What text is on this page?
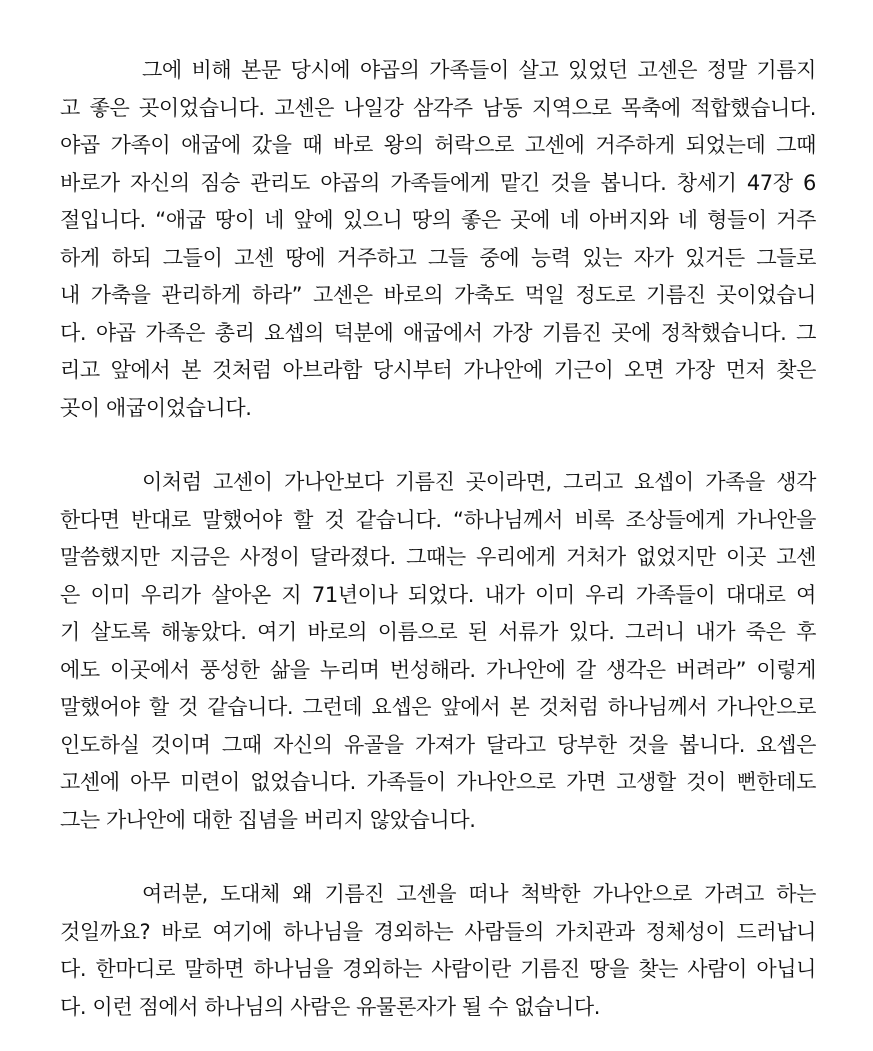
그에 비해 본문 당시에 야곱의 가족들이 살고 있었던 고센은 정말 기름지
고 좋은 곳이었습니다. 고센은 나일강 삼각주 남동 지역으로 목축에 적합했습니다.
야곱 가족이 애굽에 갔을 때 바로 왕의 허락으로 고센에 거주하게 되었는데 그때
바로가 자신의 짐승 관리도 야곱의 가족들에게 맡긴 것을 봅니다. 창세기 47장 6
절입니다. “애굽 땅이 네 앞에 있으니 땅의 좋은 곳에 네 아버지와 네 형들이 거주
하게 하되 그들이 고센 땅에 거주하고 그들 중에 능력 있는 자가 있거든 그들로
내 가축을 관리하게 하라” 고센은 바로의 가축도 먹일 정도로 기름진 곳이었습니
다. 야곱 가족은 총리 요셉의 덕분에 애굽에서 가장 기름진 곳에 정착했습니다. 그
리고 앞에서 본 것처럼 아브라함 당시부터 가나안에 기근이 오면 가장 먼저 찾은
곳이 애굽이었습니다.
이처럼 고센이 가나안보다 기름진 곳이라면, 그리고 요셉이 가족을 생각
한다면 반대로 말했어야 할 것 같습니다. “하나님께서 비록 조상들에게 가나안을
말씀했지만 지금은 사정이 달라졌다. 그때는 우리에게 거처가 없었지만 이곳 고센
은 이미 우리가 살아온 지 71년이나 되었다. 내가 이미 우리 가족들이 대대로 여
기 살도록 해놓았다. 여기 바로의 이름으로 된 서류가 있다. 그러니 내가 죽은 후
에도 이곳에서 풍성한 삶을 누리며 번성해라. 가나안에 갈 생각은 버려라” 이렇게
말했어야 할 것 같습니다. 그런데 요셉은 앞에서 본 것처럼 하나님께서 가나안으로
인도하실 것이며 그때 자신의 유골을 가져가 달라고 당부한 것을 봅니다. 요셉은
고센에 아무 미련이 없었습니다. 가족들이 가나안으로 가면 고생할 것이 뻔한데도
그는 가나안에 대한 집념을 버리지 않았습니다.
여러분, 도대체 왜 기름진 고센을 떠나 척박한 가나안으로 가려고 하는
것일까요? 바로 여기에 하나님을 경외하는 사람들의 가치관과 정체성이 드러납니
다. 한마디로 말하면 하나님을 경외하는 사람이란 기름진 땅을 찾는 사람이 아닙니
다. 이런 점에서 하나님의 사람은 유물론자가 될 수 없습니다.
